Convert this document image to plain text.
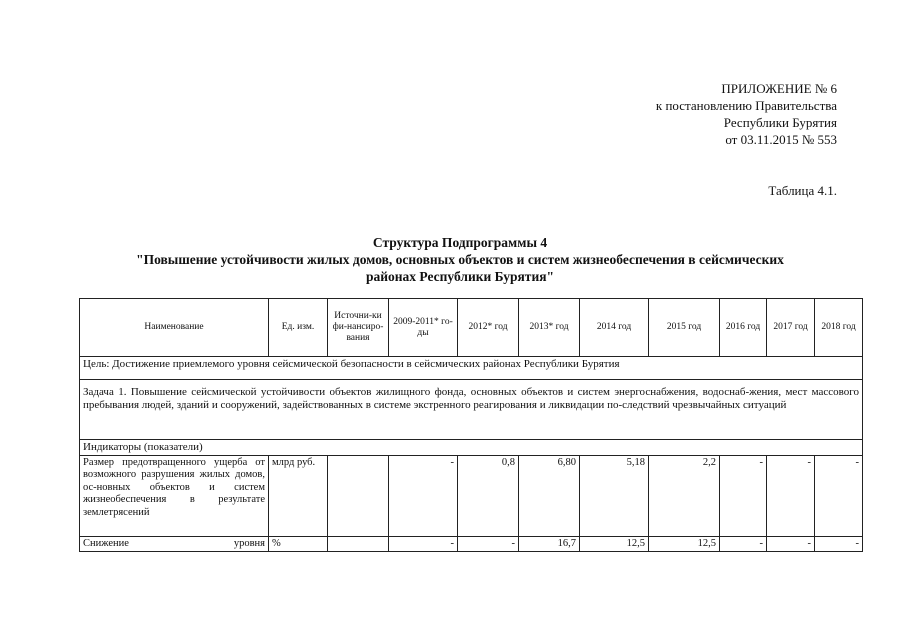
ПРИЛОЖЕНИЕ № 6
к постановлению Правительства
Республики Бурятия
от 03.11.2015 № 553
Таблица 4.1.
Структура Подпрограммы 4
"Повышение устойчивости жилых домов, основных объектов и систем жизнеобеспечения в сейсмических
районах Республики Бурятия"
Наименование	Ед. изм.	Источни-ки фи-нансиро-вания	2009-2011* го-ды	2012* год	2013* год	2014 год	2015 год	2016 год	2017 год	2018 год
Цель: Достижение приемлемого уровня сейсмической безопасности в сейсмических районах Республики Бурятия										
Задача 1. Повышение сейсмической устойчивости объектов жилищного фонда, основных объектов и систем энергоснабжения, водоснаб-жения, мест массового пребывания людей, зданий и сооружений, задействованных в системе экстренного реагирования и ликвидации по-следствий чрезвычайных ситуаций										
Индикаторы (показатели)										
Размер предотвращенного ущерба от возможного разрушения жилых домов, ос-новных объектов и систем жизнеобеспечения в результате
землетрясений	млрд руб.		-	0,8	6,80	5,18	2,2	-	-	-
Снижение уровня	%		-	-	16,7	12,5	12,5	-	-	-
